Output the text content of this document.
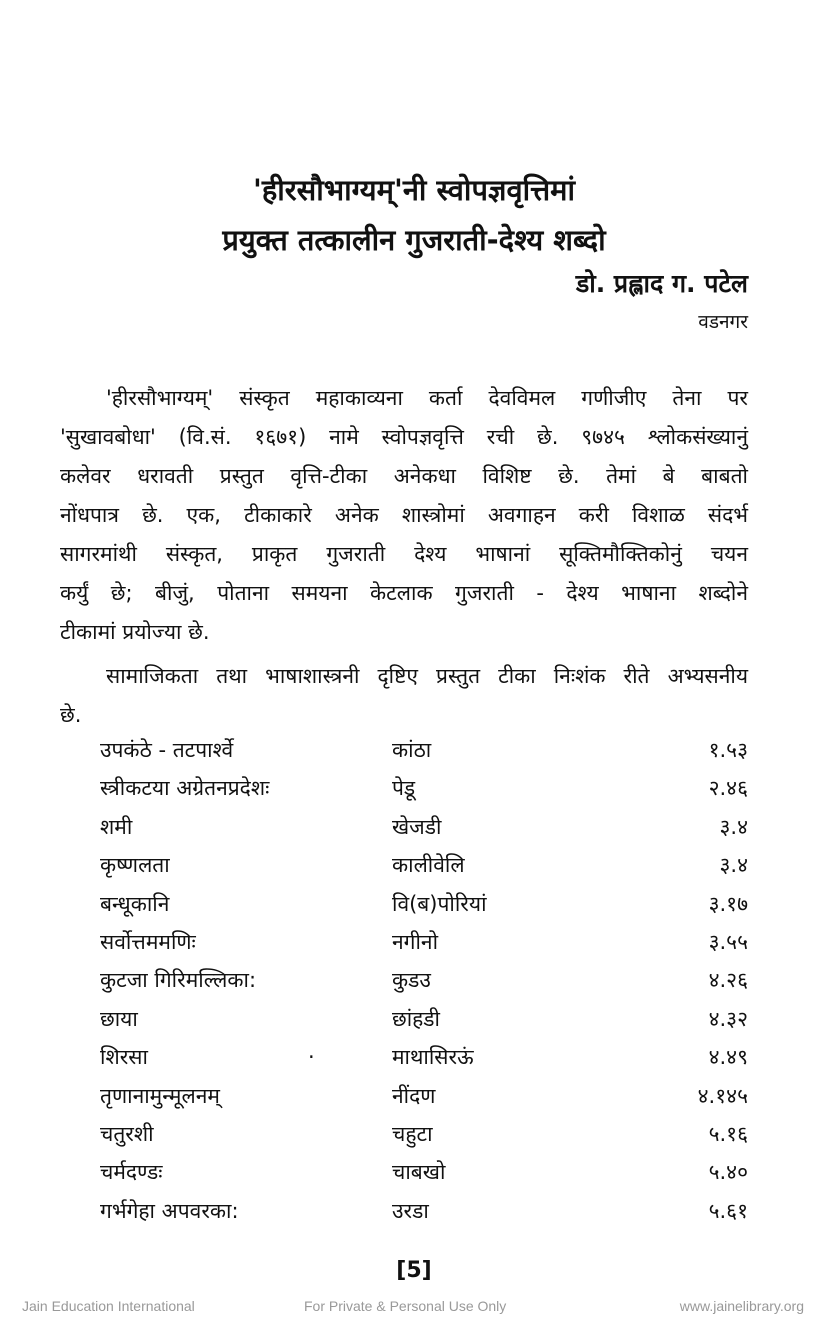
'हीरसौभाग्यम्'नी स्वोपज्ञवृत्तिमां
प्रयुक्त तत्कालीन गुजराती-देश्य शब्दो
डो. प्रह्लाद ग. पटेल
वडनगर
'हीरसौभाग्यम्' संस्कृत महाकाव्यना कर्ता देवविमल गणीजीए तेना पर
'सुखावबोधा' (वि.सं. १६७१) नामे स्वोपज्ञवृत्ति रची छे. ९७४५ श्लोकसंख्यानुं
कलेवर धरावती प्रस्तुत वृत्ति-टीका अनेकधा विशिष्ट छे. तेमां बे बाबतो
नोंधपात्र छे. एक, टीकाकारे अनेक शास्त्रोमां अवगाहन करी विशाळ संदर्भ
सागरमांथी संस्कृत, प्राकृत गुजराती देश्य भाषानां सूक्तिमौक्तिकोनुं चयन
कर्युं छे; बीजुं, पोताना समयना केटलाक गुजराती - देश्य भाषाना शब्दोने
टीकामां प्रयोज्या छे.
सामाजिकता तथा भाषाशास्त्रनी दृष्टिए प्रस्तुत टीका निःशंक रीते अभ्यसनीय
छे.
उपकंठे - तटपार्श्वे	कांठा	१.५३
स्त्रीकटया अग्रेतनप्रदेशः	पेडू	२.४६
शमी	खेजडी	३.४
कृष्णलता	कालीवेलि	३.४
बन्धूकानि	वि(ब)पोरियां	३.१७
सर्वोत्तममणिः	नगीनो	३.५५
कुटजा गिरिमल्लिका:	कुडउ	४.२६
छाया	छांहडी	४.३२
शिरसा	माथासिरऊं	४.४९
·
तृणानामुन्मूलनम्	नींदण	४.१४५
चतुरशी	चहुटा	५.१६
चर्मदण्डः	चाबखो	५.४०
गर्भगेहा अपवरका:	उरडा	५.६१
[5]
Jain Education International	For Private & Personal Use Only	www.jainelibrary.org
